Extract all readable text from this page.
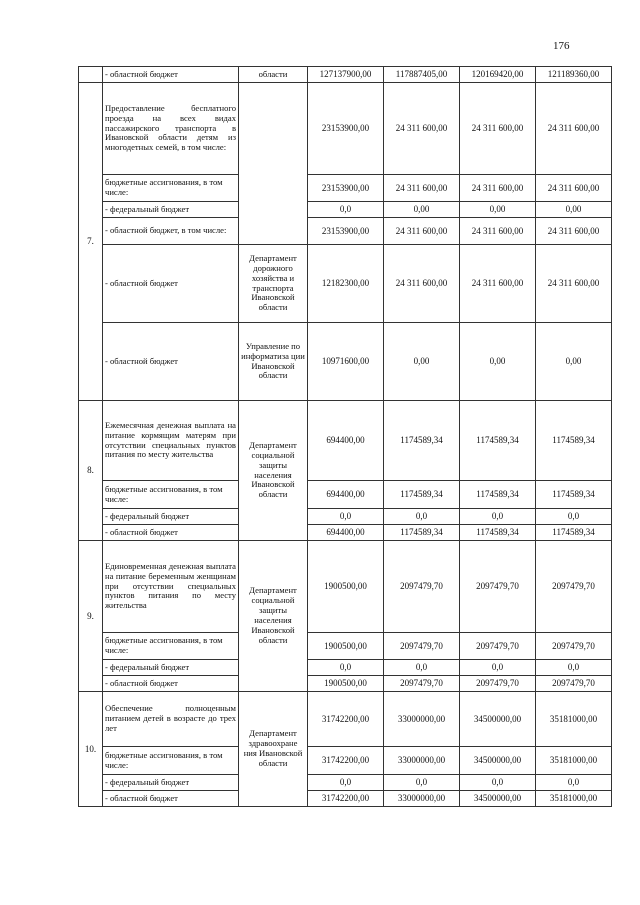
176
	- областной бюджет	области	127137900,00	117887405,00	120169420,00	121189360,00
7.	Предоставление бесплатного проезда на всех видах пассажирского транспорта в Ивановской области детям из многодетных семей, в том числе:		23153900,00	24 311 600,00	24 311 600,00	24 311 600,00
	бюджетные ассигнования, в том числе:		23153900,00	24 311 600,00	24 311 600,00	24 311 600,00
	- федеральный бюджет		0,0	0,00	0,00	0,00
	- областной бюджет, в том числе:		23153900,00	24 311 600,00	24 311 600,00	24 311 600,00
	- областной бюджет	Департамент дорожного хозяйства и транспорта Ивановской области	12182300,00	24 311 600,00	24 311 600,00	24 311 600,00
	- областной бюджет	Управление по информатиза ции Ивановской области	10971600,00	0,00	0,00	0,00
8.	Ежемесячная денежная выплата на питание кормящим матерям при отсутствии специальных пунктов питания по месту жительства	Департамент социальной защиты населения Ивановской области	694400,00	1174589,34	1174589,34	1174589,34
	бюджетные ассигнования, в том числе:		694400,00	1174589,34	1174589,34	1174589,34
	- федеральный бюджет		0,0	0,0	0,0	0,0
	- областной бюджет		694400,00	1174589,34	1174589,34	1174589,34
9.	Единовременная денежная выплата на питание беременным женщинам при отсутствии специальных пунктов питания по месту жительства	Департамент социальной защиты населения Ивановской области	1900500,00	2097479,70	2097479,70	2097479,70
	бюджетные ассигнования, в том числе:		1900500,00	2097479,70	2097479,70	2097479,70
	- федеральный бюджет		0,0	0,0	0,0	0,0
	- областной бюджет		1900500,00	2097479,70	2097479,70	2097479,70
10.	Обеспечение полноценным питанием детей в возрасте до трех лет	Департамент здравоохране ния Ивановской области	31742200,00	33000000,00	34500000,00	35181000,00
	бюджетные ассигнования, в том числе:		31742200,00	33000000,00	34500000,00	35181000,00
	- федеральный бюджет		0,0	0,0	0,0	0,0
	- областной бюджет		31742200,00	33000000,00	34500000,00	35181000,00
